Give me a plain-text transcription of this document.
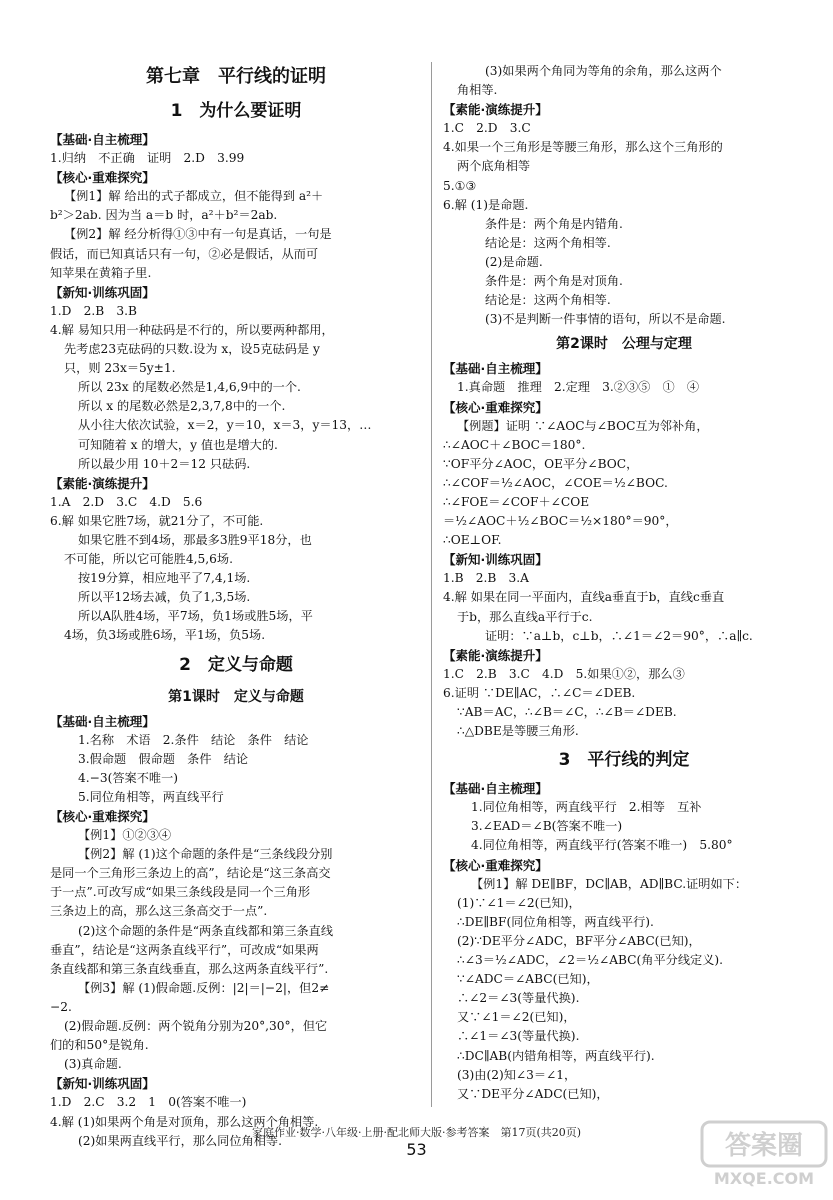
第七章　平行线的证明
1　为什么要证明
【基础·自主梳理】
1.归纳　不正确　证明　2.D　3.99
【核心·重难探究】
【例1】解 给出的式子都成立，但不能得到 a²＋
b²＞2ab. 因为当 a＝b 时，a²＋b²＝2ab.
【例2】解 经分析得①③中有一句是真话，一句是
假话，而已知真话只有一句，②必是假话，从而可
知苹果在黄箱子里.
【新知·训练巩固】
1.D　2.B　3.B
4.解 易知只用一种砝码是不行的，所以要两种都用，
先考虑23克砝码的只数.设为 x，设5克砝码是 y
只，则 23x＝5y±1.
所以 23x 的尾数必然是1,4,6,9中的一个.
所以 x 的尾数必然是2,3,7,8中的一个.
从小往大依次试验，x＝2，y＝10，x＝3，y＝13，…
可知随着 x 的增大，y 值也是增大的.
所以最少用 10＋2＝12 只砝码.
【素能·演练提升】
1.A　2.D　3.C　4.D　5.6
6.解 如果它胜7场，就21分了，不可能.
如果它胜不到4场，那最多3胜9平18分，也
不可能，所以它可能胜4,5,6场.
按19分算，相应地平了7,4,1场.
所以平12场去减，负了1,3,5场.
所以A队胜4场，平7场，负1场或胜5场，平
4场，负3场或胜6场，平1场，负5场.
2　定义与命题
第1课时　定义与命题
【基础·自主梳理】
1.名称　术语　2.条件　结论　条件　结论
3.假命题　假命题　条件　结论
4.−3(答案不唯一)
5.同位角相等，两直线平行
【核心·重难探究】
【例1】①②③④
【例2】解 (1)这个命题的条件是“三条线段分别
是同一个三角形三条边上的高”，结论是“这三条高交
于一点”.可改写成“如果三条线段是同一个三角形
三条边上的高，那么这三条高交于一点”.
(2)这个命题的条件是“两条直线都和第三条直线
垂直”，结论是“这两条直线平行”，可改成“如果两
条直线都和第三条直线垂直，那么这两条直线平行”.
【例3】解 (1)假命题.反例：|2|＝|−2|，但2≠
−2.
(2)假命题.反例：两个锐角分别为20°,30°，但它
们的和50°是锐角.
(3)真命题.
【新知·训练巩固】
1.D　2.C　3.2　1　0(答案不唯一)
4.解 (1)如果两个角是对顶角，那么这两个角相等.
(2)如果两直线平行，那么同位角相等.
(3)如果两个角同为等角的余角，那么这两个
角相等.
【素能·演练提升】
1.C　2.D　3.C
4.如果一个三角形是等腰三角形，那么这个三角形的
两个底角相等
5.①③
6.解 (1)是命题.
条件是：两个角是内错角.
结论是：这两个角相等.
(2)是命题.
条件是：两个角是对顶角.
结论是：这两个角相等.
(3)不是判断一件事情的语句，所以不是命题.
第2课时　公理与定理
【基础·自主梳理】
1.真命题　推理　2.定理　3.②③⑤　①　④
【核心·重难探究】
【例题】证明 ∵∠AOC与∠BOC互为邻补角，
∴∠AOC＋∠BOC＝180°.
∵OF平分∠AOC，OE平分∠BOC，
∴∠COF＝½∠AOC，∠COE＝½∠BOC.
∴∠FOE＝∠COF＋∠COE
＝½∠AOC＋½∠BOC＝½×180°＝90°，
∴OE⊥OF.
【新知·训练巩固】
1.B　2.B　3.A
4.解 如果在同一平面内，直线a垂直于b，直线c垂直
于b，那么直线a平行于c.
证明：∵a⊥b，c⊥b，∴∠1＝∠2＝90°，∴a∥c.
【素能·演练提升】
1.C　2.B　3.C　4.D　5.如果①②，那么③
6.证明 ∵DE∥AC，∴∠C＝∠DEB.
∵AB＝AC，∴∠B＝∠C，∴∠B＝∠DEB.
∴△DBE是等腰三角形.
3　平行线的判定
【基础·自主梳理】
1.同位角相等，两直线平行　2.相等　互补
3.∠EAD＝∠B(答案不唯一)
4.同位角相等，两直线平行(答案不唯一)　5.80°
【核心·重难探究】
【例1】解 DE∥BF，DC∥AB，AD∥BC.证明如下：
(1)∵∠1＝∠2(已知)，
∴DE∥BF(同位角相等，两直线平行).
(2)∵DE平分∠ADC，BF平分∠ABC(已知)，
∴∠3＝½∠ADC，∠2＝½∠ABC(角平分线定义).
∵∠ADC＝∠ABC(已知)，
∴∠2＝∠3(等量代换).
又∵∠1＝∠2(已知)，
∴∠1＝∠3(等量代换).
∴DC∥AB(内错角相等，两直线平行).
(3)由(2)知∠3＝∠1，
又∵DE平分∠ADC(已知)，
家庭作业·数学·八年级·上册·配北师大版·参考答案　第17页(共20页)
53	答案圈
MXQE.COM
